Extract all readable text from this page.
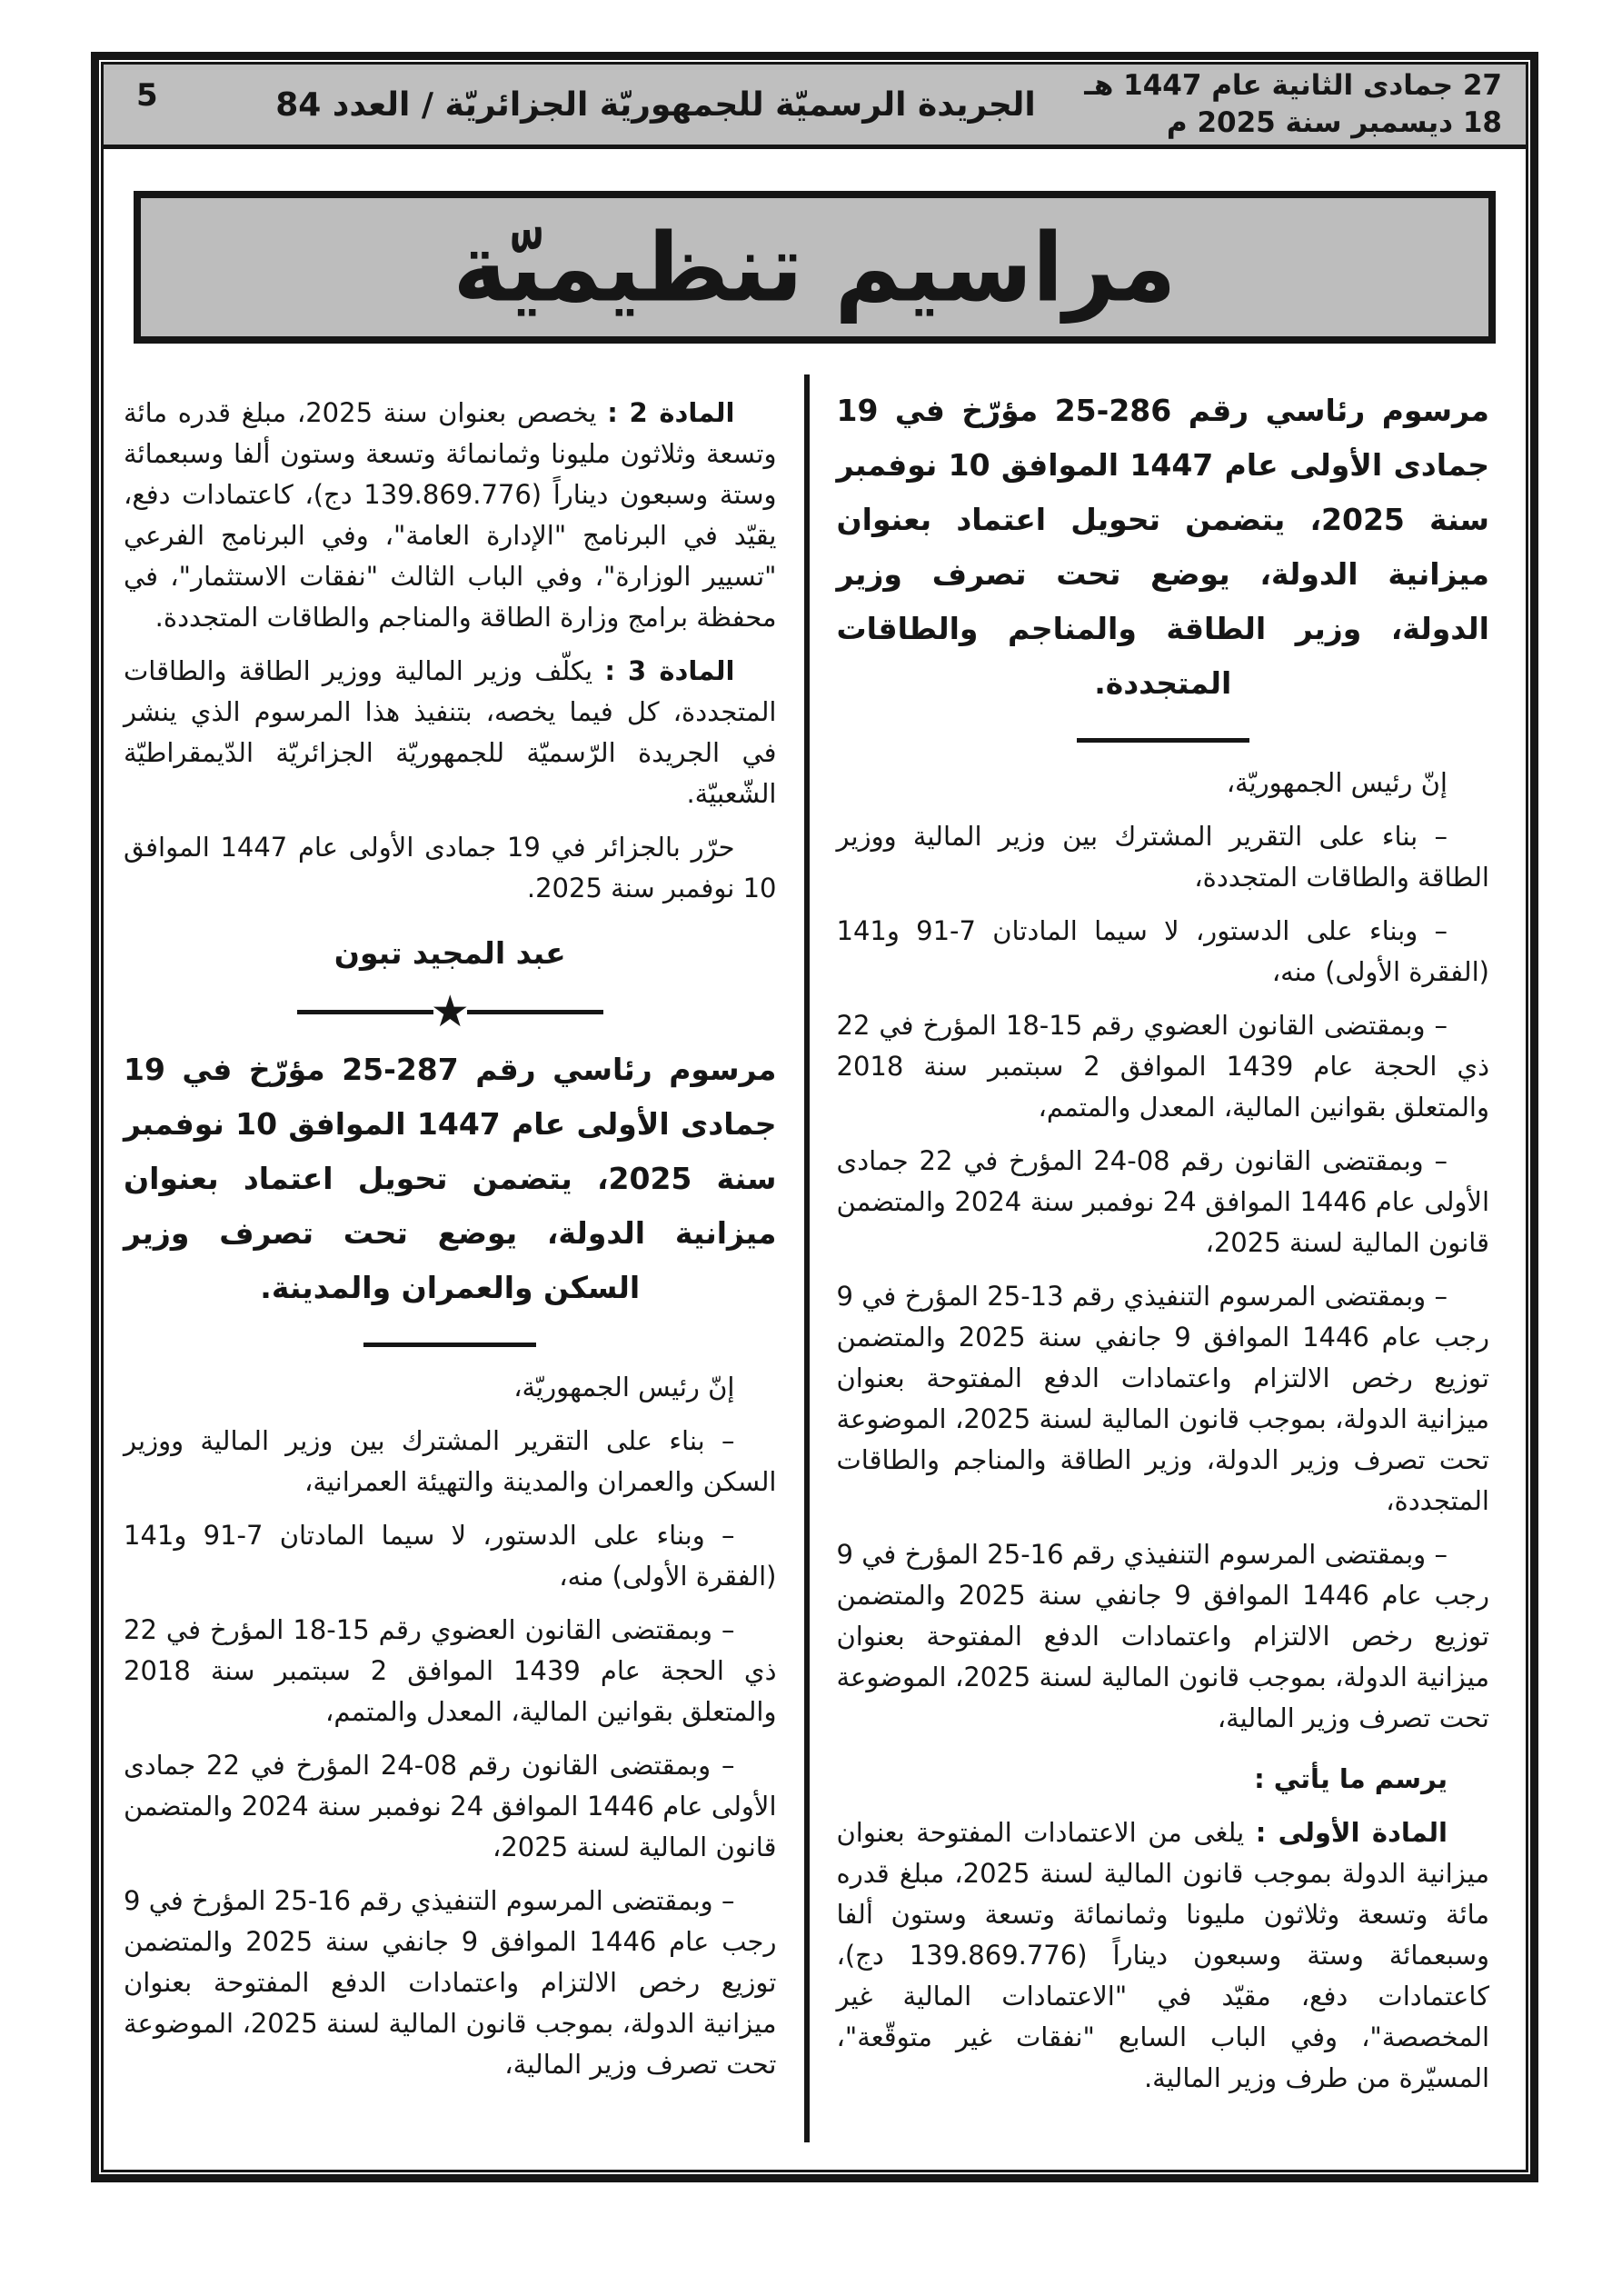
27 جمادى الثانية عام 1447 هـ
18 ديسمبر سنة 2025 م
الجريدة الرسميّة للجمهوريّة الجزائريّة / العدد 84
5
مراسيم تنظيميّة

مرسوم رئاسي رقم 286-25 مؤرّخ في 19 جمادى الأولى عام 1447 الموافق 10 نوفمبر سنة 2025، يتضمن تحويل اعتماد بعنوان ميزانية الدولة، يوضع تحت تصرف وزير الدولة، وزير الطاقة والمناجم والطاقات المتجددة.

إنّ رئيس الجمهوريّة،

– بناء على التقرير المشترك بين وزير المالية ووزير الطاقة والطاقات المتجددة،

– وبناء على الدستور، لا سيما المادتان 7-91 و141 (الفقرة الأولى) منه،

– وبمقتضى القانون العضوي رقم 15-18 المؤرخ في 22 ذي الحجة عام 1439 الموافق 2 سبتمبر سنة 2018 والمتعلق بقوانين المالية، المعدل والمتمم،

– وبمقتضى القانون رقم 08-24 المؤرخ في 22 جمادى الأولى عام 1446 الموافق 24 نوفمبر سنة 2024 والمتضمن قانون المالية لسنة 2025،

– وبمقتضى المرسوم التنفيذي رقم 13-25 المؤرخ في 9 رجب عام 1446 الموافق 9 جانفي سنة 2025 والمتضمن توزيع رخص الالتزام واعتمادات الدفع المفتوحة بعنوان ميزانية الدولة، بموجب قانون المالية لسنة 2025، الموضوعة تحت تصرف وزير الدولة، وزير الطاقة والمناجم والطاقات المتجددة،

– وبمقتضى المرسوم التنفيذي رقم 16-25 المؤرخ في 9 رجب عام 1446 الموافق 9 جانفي سنة 2025 والمتضمن توزيع رخص الالتزام واعتمادات الدفع المفتوحة بعنوان ميزانية الدولة، بموجب قانون المالية لسنة 2025، الموضوعة تحت تصرف وزير المالية،

يرسم ما يأتي :

المادة الأولى : يلغى من الاعتمادات المفتوحة بعنوان ميزانية الدولة بموجب قانون المالية لسنة 2025، مبلغ قدره مائة وتسعة وثلاثون مليونا وثمانمائة وتسعة وستون ألفا وسبعمائة وستة وسبعون ديناراً (139.869.776 دج)، كاعتمادات دفع، مقيّد في "الاعتمادات المالية غير المخصصة"، وفي الباب السابع "نفقات غير متوقّعة"، المسيّرة من طرف وزير المالية.

المادة 2 : يخصص بعنوان سنة 2025، مبلغ قدره مائة وتسعة وثلاثون مليونا وثمانمائة وتسعة وستون ألفا وسبعمائة وستة وسبعون ديناراً (139.869.776 دج)، كاعتمادات دفع، يقيّد في البرنامج "الإدارة العامة"، وفي البرنامج الفرعي "تسيير الوزارة"، وفي الباب الثالث "نفقات الاستثمار"، في محفظة برامج وزارة الطاقة والمناجم والطاقات المتجددة.

المادة 3 : يكلّف وزير المالية ووزير الطاقة والطاقات المتجددة، كل فيما يخصه، بتنفيذ هذا المرسوم الذي ينشر في الجريدة الرّسميّة للجمهوريّة الجزائريّة الدّيمقراطيّة الشّعبيّة.

حرّر بالجزائر في 19 جمادى الأولى عام 1447 الموافق 10 نوفمبر سنة 2025.

عبد المجيد تبون

★

مرسوم رئاسي رقم 287-25 مؤرّخ في 19 جمادى الأولى عام 1447 الموافق 10 نوفمبر سنة 2025، يتضمن تحويل اعتماد بعنوان ميزانية الدولة، يوضع تحت تصرف وزير السكن والعمران والمدينة.

إنّ رئيس الجمهوريّة،

– بناء على التقرير المشترك بين وزير المالية ووزير السكن والعمران والمدينة والتهيئة العمرانية،

– وبناء على الدستور، لا سيما المادتان 7-91 و141 (الفقرة الأولى) منه،

– وبمقتضى القانون العضوي رقم 15-18 المؤرخ في 22 ذي الحجة عام 1439 الموافق 2 سبتمبر سنة 2018 والمتعلق بقوانين المالية، المعدل والمتمم،

– وبمقتضى القانون رقم 08-24 المؤرخ في 22 جمادى الأولى عام 1446 الموافق 24 نوفمبر سنة 2024 والمتضمن قانون المالية لسنة 2025،

– وبمقتضى المرسوم التنفيذي رقم 16-25 المؤرخ في 9 رجب عام 1446 الموافق 9 جانفي سنة 2025 والمتضمن توزيع رخص الالتزام واعتمادات الدفع المفتوحة بعنوان ميزانية الدولة، بموجب قانون المالية لسنة 2025، الموضوعة تحت تصرف وزير المالية،
